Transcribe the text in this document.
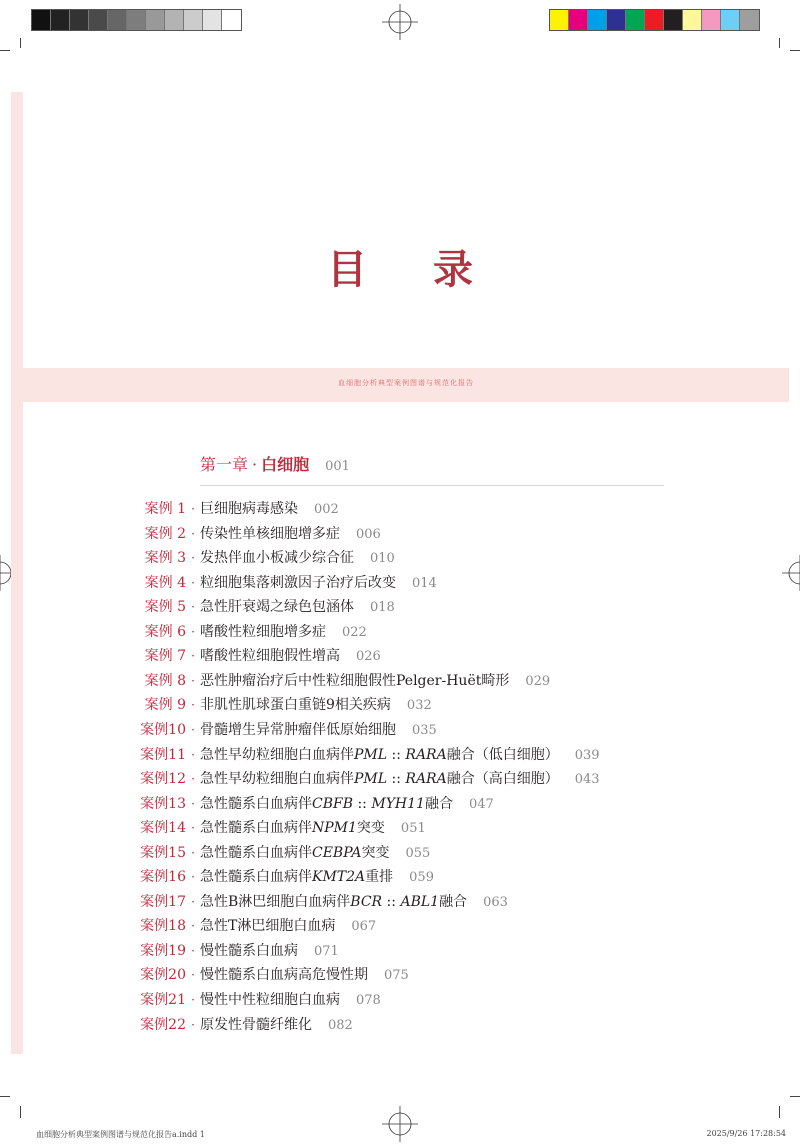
血细胞分析典型案例图谱与规范化报告
目 录
第一章 · 白细胞 001
案例 1 · 巨细胞病毒感染 002
案例 2 · 传染性单核细胞增多症 006
案例 3 · 发热伴血小板减少综合征 010
案例 4 · 粒细胞集落刺激因子治疗后改变 014
案例 5 · 急性肝衰竭之绿色包涵体 018
案例 6 · 嗜酸性粒细胞增多症 022
案例 7 · 嗜酸性粒细胞假性增高 026
案例 8 · 恶性肿瘤治疗后中性粒细胞假性Pelger-Huët畸形 029
案例 9 · 非肌性肌球蛋白重链9相关疾病 032
案例10 · 骨髓增生异常肿瘤伴低原始细胞 035
案例11 · 急性早幼粒细胞白血病伴PML :: RARA融合（低白细胞） 039
案例12 · 急性早幼粒细胞白血病伴PML :: RARA融合（高白细胞） 043
案例13 · 急性髓系白血病伴CBFB :: MYH11融合 047
案例14 · 急性髓系白血病伴NPM1突变 051
案例15 · 急性髓系白血病伴CEBPA突变 055
案例16 · 急性髓系白血病伴KMT2A重排 059
案例17 · 急性B淋巴细胞白血病伴BCR :: ABL1融合 063
案例18 · 急性T淋巴细胞白血病 067
案例19 · 慢性髓系白血病 071
案例20 · 慢性髓系白血病高危慢性期 075
案例21 · 慢性中性粒细胞白血病 078
案例22 · 原发性骨髓纤维化 082
血细胞分析典型案例图谱与规范化报告a.indd 1	2025/9/26 17:28:54
